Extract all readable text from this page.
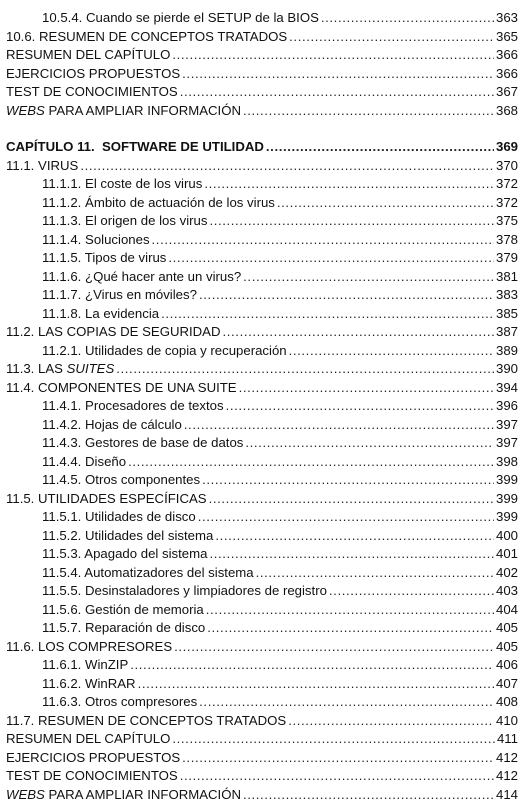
10.5.4. Cuando se pierde el SETUP de la BIOS .....	363
10.6. RESUMEN DE CONCEPTOS TRATADOS .....	365
RESUMEN DEL CAPÍTULO .....	366
EJERCICIOS PROPUESTOS .....	366
TEST DE CONOCIMIENTOS .....	367
WEBS PARA AMPLIAR INFORMACIÓN .....	368
CAPÍTULO 11. SOFTWARE DE UTILIDAD .....	369
11.1. VIRUS .....	370
11.1.1. El coste de los virus .....	372
11.1.2. Ámbito de actuación de los virus .....	372
11.1.3. El origen de los virus .....	375
11.1.4. Soluciones .....	378
11.1.5. Tipos de virus .....	379
11.1.6. ¿Qué hacer ante un virus? .....	381
11.1.7. ¿Virus en móviles? .....	383
11.1.8. La evidencia .....	385
11.2. LAS COPIAS DE SEGURIDAD .....	387
11.2.1. Utilidades de copia y recuperación .....	389
11.3. LAS SUITES .....	390
11.4. COMPONENTES DE UNA SUITE .....	394
11.4.1. Procesadores de textos .....	396
11.4.2. Hojas de cálculo .....	397
11.4.3. Gestores de base de datos .....	397
11.4.4. Diseño .....	398
11.4.5. Otros componentes .....	399
11.5. UTILIDADES ESPECÍFICAS .....	399
11.5.1. Utilidades de disco .....	399
11.5.2. Utilidades del sistema .....	400
11.5.3. Apagado del sistema .....	401
11.5.4. Automatizadores del sistema .....	402
11.5.5. Desinstaladores y limpiadores de registro .....	403
11.5.6. Gestión de memoria .....	404
11.5.7. Reparación de disco .....	405
11.6. LOS COMPRESORES .....	405
11.6.1. WinZIP .....	406
11.6.2. WinRAR .....	407
11.6.3. Otros compresores .....	408
11.7. RESUMEN DE CONCEPTOS TRATADOS .....	410
RESUMEN DEL CAPÍTULO .....	411
EJERCICIOS PROPUESTOS .....	412
TEST DE CONOCIMIENTOS .....	412
WEBS PARA AMPLIAR INFORMACIÓN .....	414
